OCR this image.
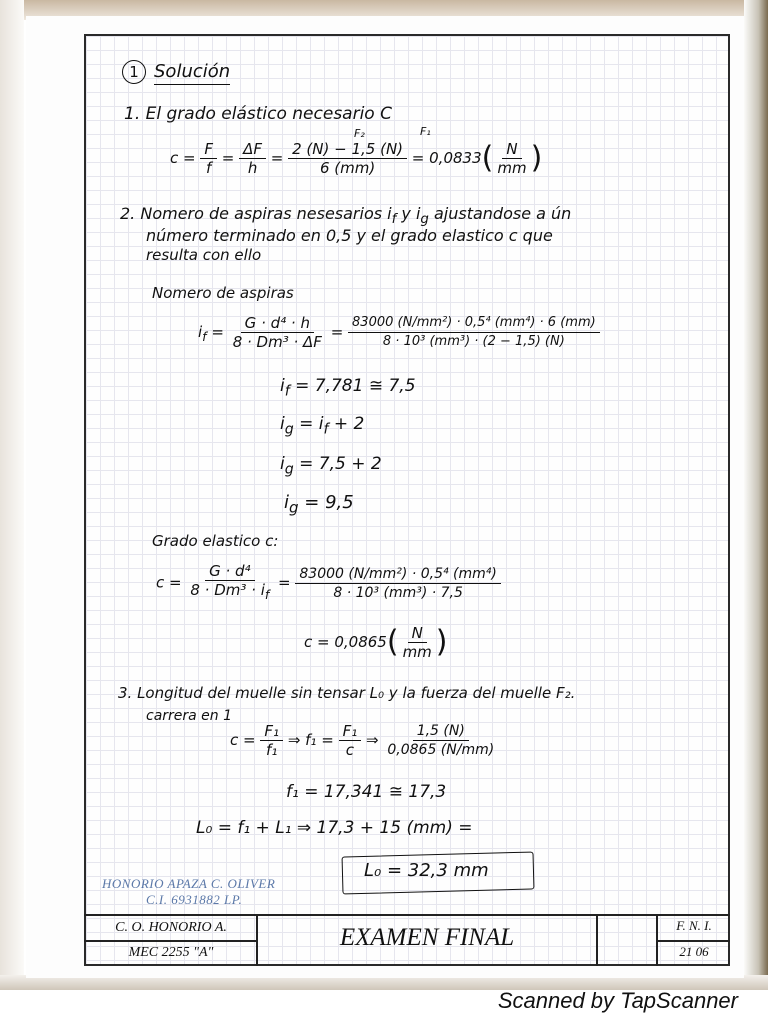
1 Solución
1. El grado elástico necesario C
F₂	F₁
$c = \frac{F}{f} = \frac{\Delta F}{h} = \frac{2 (N) - 1,5 (N)}{6 (mm)} = 0,0833( \frac{N}{mm}$ )
2. Nomero de aspiras nesesarios $i_f$ y $i_g$ ajustandose a ún
número terminado en 0,5 y el grado elastico c que
resulta con ello
Nomero de aspiras
$i_f = \frac{\text{G · d⁴ · h}}{\text{8 · Dm³ · ΔF}} = \frac{\text{83000 (N/mm²) · 0,5⁴ (mm⁴) · 6 (mm)}}{\text{8 · 10³ (mm³) · (2 − 1,5) (N)}}$
$i_f = 7,781$ ≅ 7,5
$i_g = i_f + 2$
$i_g = 7,5 + 2$
$i_g = 9,5$
Grado elastico c:
$c = \frac{\text{G · d⁴}}{8 \cdot Dm^3 \cdot i_f} = \frac{\text{83000 (N/mm²) · 0,5⁴ (mm⁴)}}{\text{8 · 10³ (mm³) · 7,5}}$
$c = 0,0865( \frac{N}{mm}$ )
3. Longitud del muelle sin tensar L₀ y la fuerza del muelle F₂.
carrera en 1
$c = \frac{\text{F₁}}{\text{f₁}}$ ⇒ $f_1 = \frac{\text{F₁}}{c}$ ⇒ $\frac{1,5 (N)}{0,0865 (N/mm)}$
f₁ = 17,341 ≅ 17,3
L₀ = f₁ + L₁ ⇒ 17,3 + 15 (mm) =
L₀ = 32,3 mm
HONORIO APAZA C. OLIVER
C.I. 6931882 LP.
C. O. HONORIO A.
MEC 2255 "A"
EXAMEN FINAL	F. N. I.
21 06
Scanned by TapScanner
